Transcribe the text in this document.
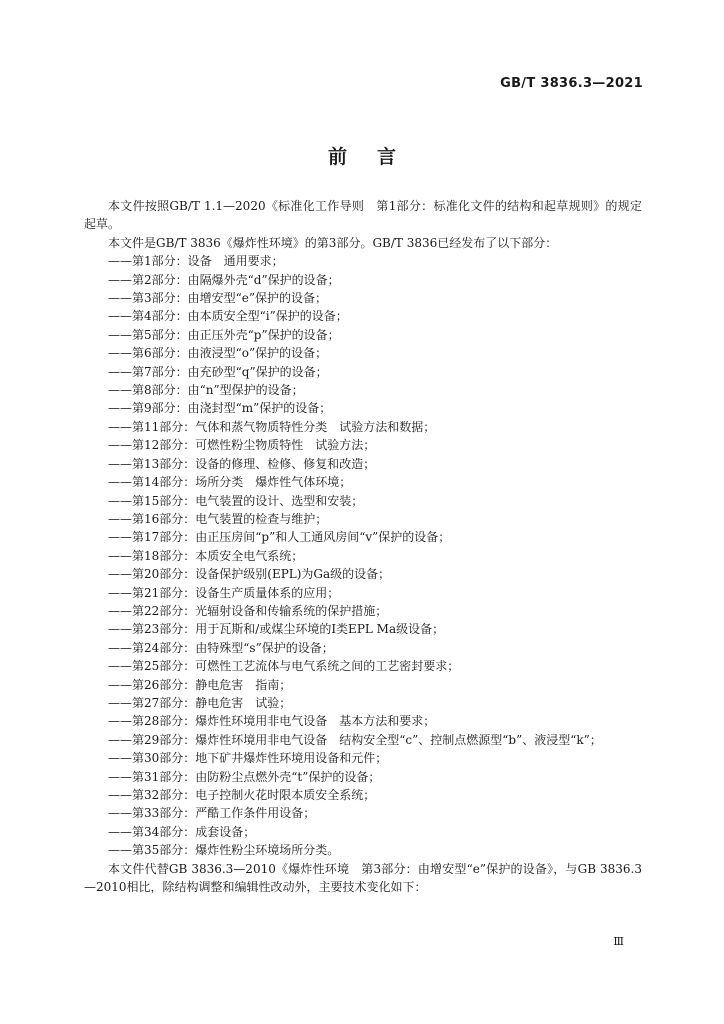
GB/T 3836.3—2021
前言

本文件按照GB/T 1.1—2020《标准化工作导则　第1部分：标准化文件的结构和起草规则》的规定起草。

本文件是GB/T 3836《爆炸性环境》的第3部分。GB/T 3836已经发布了以下部分：

——第1部分：设备　通用要求；

——第2部分：由隔爆外壳“d”保护的设备；

——第3部分：由增安型“e”保护的设备；

——第4部分：由本质安全型“i”保护的设备；

——第5部分：由正压外壳“p”保护的设备；

——第6部分：由液浸型“o”保护的设备；

——第7部分：由充砂型“q”保护的设备；

——第8部分：由“n”型保护的设备；

——第9部分：由浇封型“m”保护的设备；

——第11部分：气体和蒸气物质特性分类　试验方法和数据；

——第12部分：可燃性粉尘物质特性　试验方法；

——第13部分：设备的修理、检修、修复和改造；

——第14部分：场所分类　爆炸性气体环境；

——第15部分：电气装置的设计、选型和安装；

——第16部分：电气装置的检查与维护；

——第17部分：由正压房间“p”和人工通风房间“v”保护的设备；

——第18部分：本质安全电气系统；

——第20部分：设备保护级别(EPL)为Ga级的设备；

——第21部分：设备生产质量体系的应用；

——第22部分：光辐射设备和传输系统的保护措施；

——第23部分：用于瓦斯和/或煤尘环境的Ⅰ类EPL Ma级设备；

——第24部分：由特殊型“s”保护的设备；

——第25部分：可燃性工艺流体与电气系统之间的工艺密封要求；

——第26部分：静电危害　指南；

——第27部分：静电危害　试验；

——第28部分：爆炸性环境用非电气设备　基本方法和要求；

——第29部分：爆炸性环境用非电气设备　结构安全型“c”、控制点燃源型“b”、液浸型“k”；

——第30部分：地下矿井爆炸性环境用设备和元件；

——第31部分：由防粉尘点燃外壳“t”保护的设备；

——第32部分：电子控制火花时限本质安全系统；

——第33部分：严酷工作条件用设备；

——第34部分：成套设备；

——第35部分：爆炸性粉尘环境场所分类。

本文件代替GB 3836.3—2010《爆炸性环境　第3部分：由增安型“e”保护的设备》，与GB 3836.3—2010相比，除结构调整和编辑性改动外，主要技术变化如下：

Ⅲ
